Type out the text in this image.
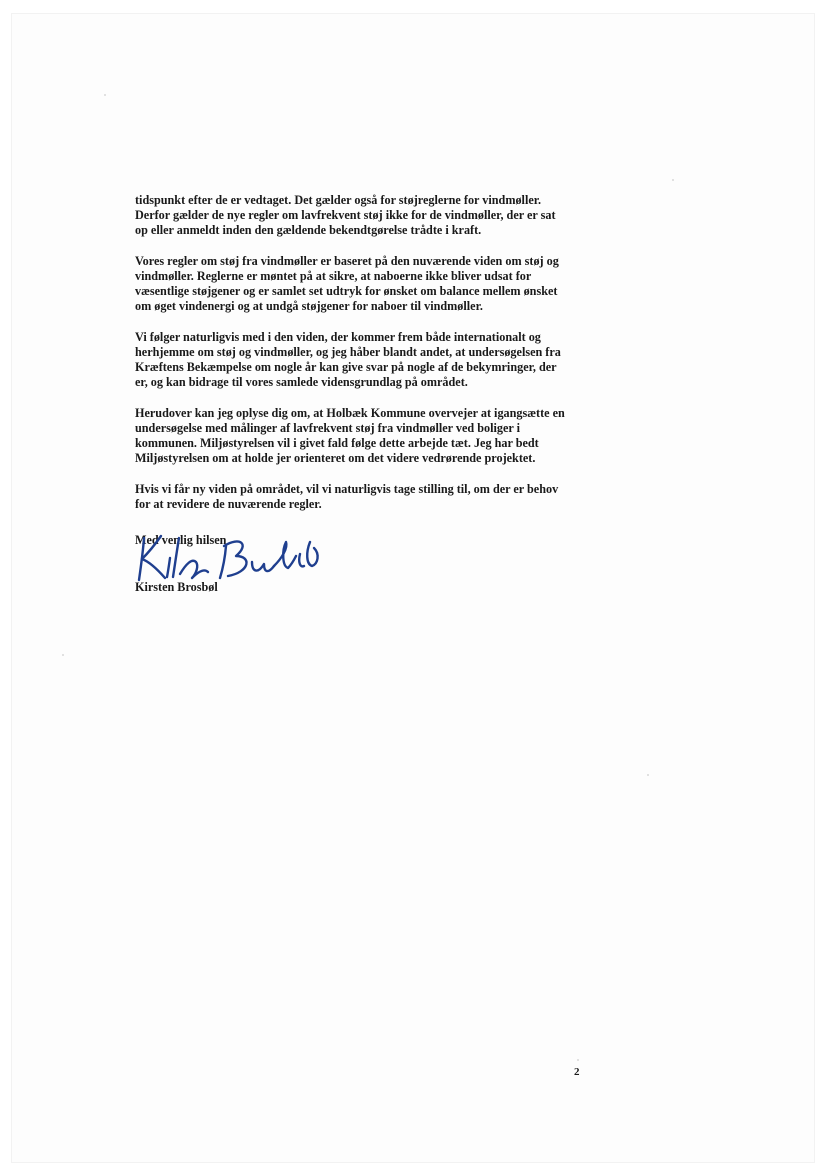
tidspunkt efter de er vedtaget. Det gælder også for støjreglerne for vindmøller.
Derfor gælder de nye regler om lavfrekvent støj ikke for de vindmøller, der er sat
op eller anmeldt inden den gældende bekendtgørelse trådte i kraft.

Vores regler om støj fra vindmøller er baseret på den nuværende viden om støj og
vindmøller. Reglerne er møntet på at sikre, at naboerne ikke bliver udsat for
væsentlige støjgener og er samlet set udtryk for ønsket om balance mellem ønsket
om øget vindenergi og at undgå støjgener for naboer til vindmøller.

Vi følger naturligvis med i den viden, der kommer frem både internationalt og
herhjemme om støj og vindmøller, og jeg håber blandt andet, at undersøgelsen fra
Kræftens Bekæmpelse om nogle år kan give svar på nogle af de bekymringer, der
er, og kan bidrage til vores samlede vidensgrundlag på området.

Herudover kan jeg oplyse dig om, at Holbæk Kommune overvejer at igangsætte en
undersøgelse med målinger af lavfrekvent støj fra vindmøller ved boliger i
kommunen. Miljøstyrelsen vil i givet fald følge dette arbejde tæt. Jeg har bedt
Miljøstyrelsen om at holde jer orienteret om det videre vedrørende projektet.

Hvis vi får ny viden på området, vil vi naturligvis tage stilling til, om der er behov
for at revidere de nuværende regler.

Med venlig hilsen
Kirsten Brosbøl
2
